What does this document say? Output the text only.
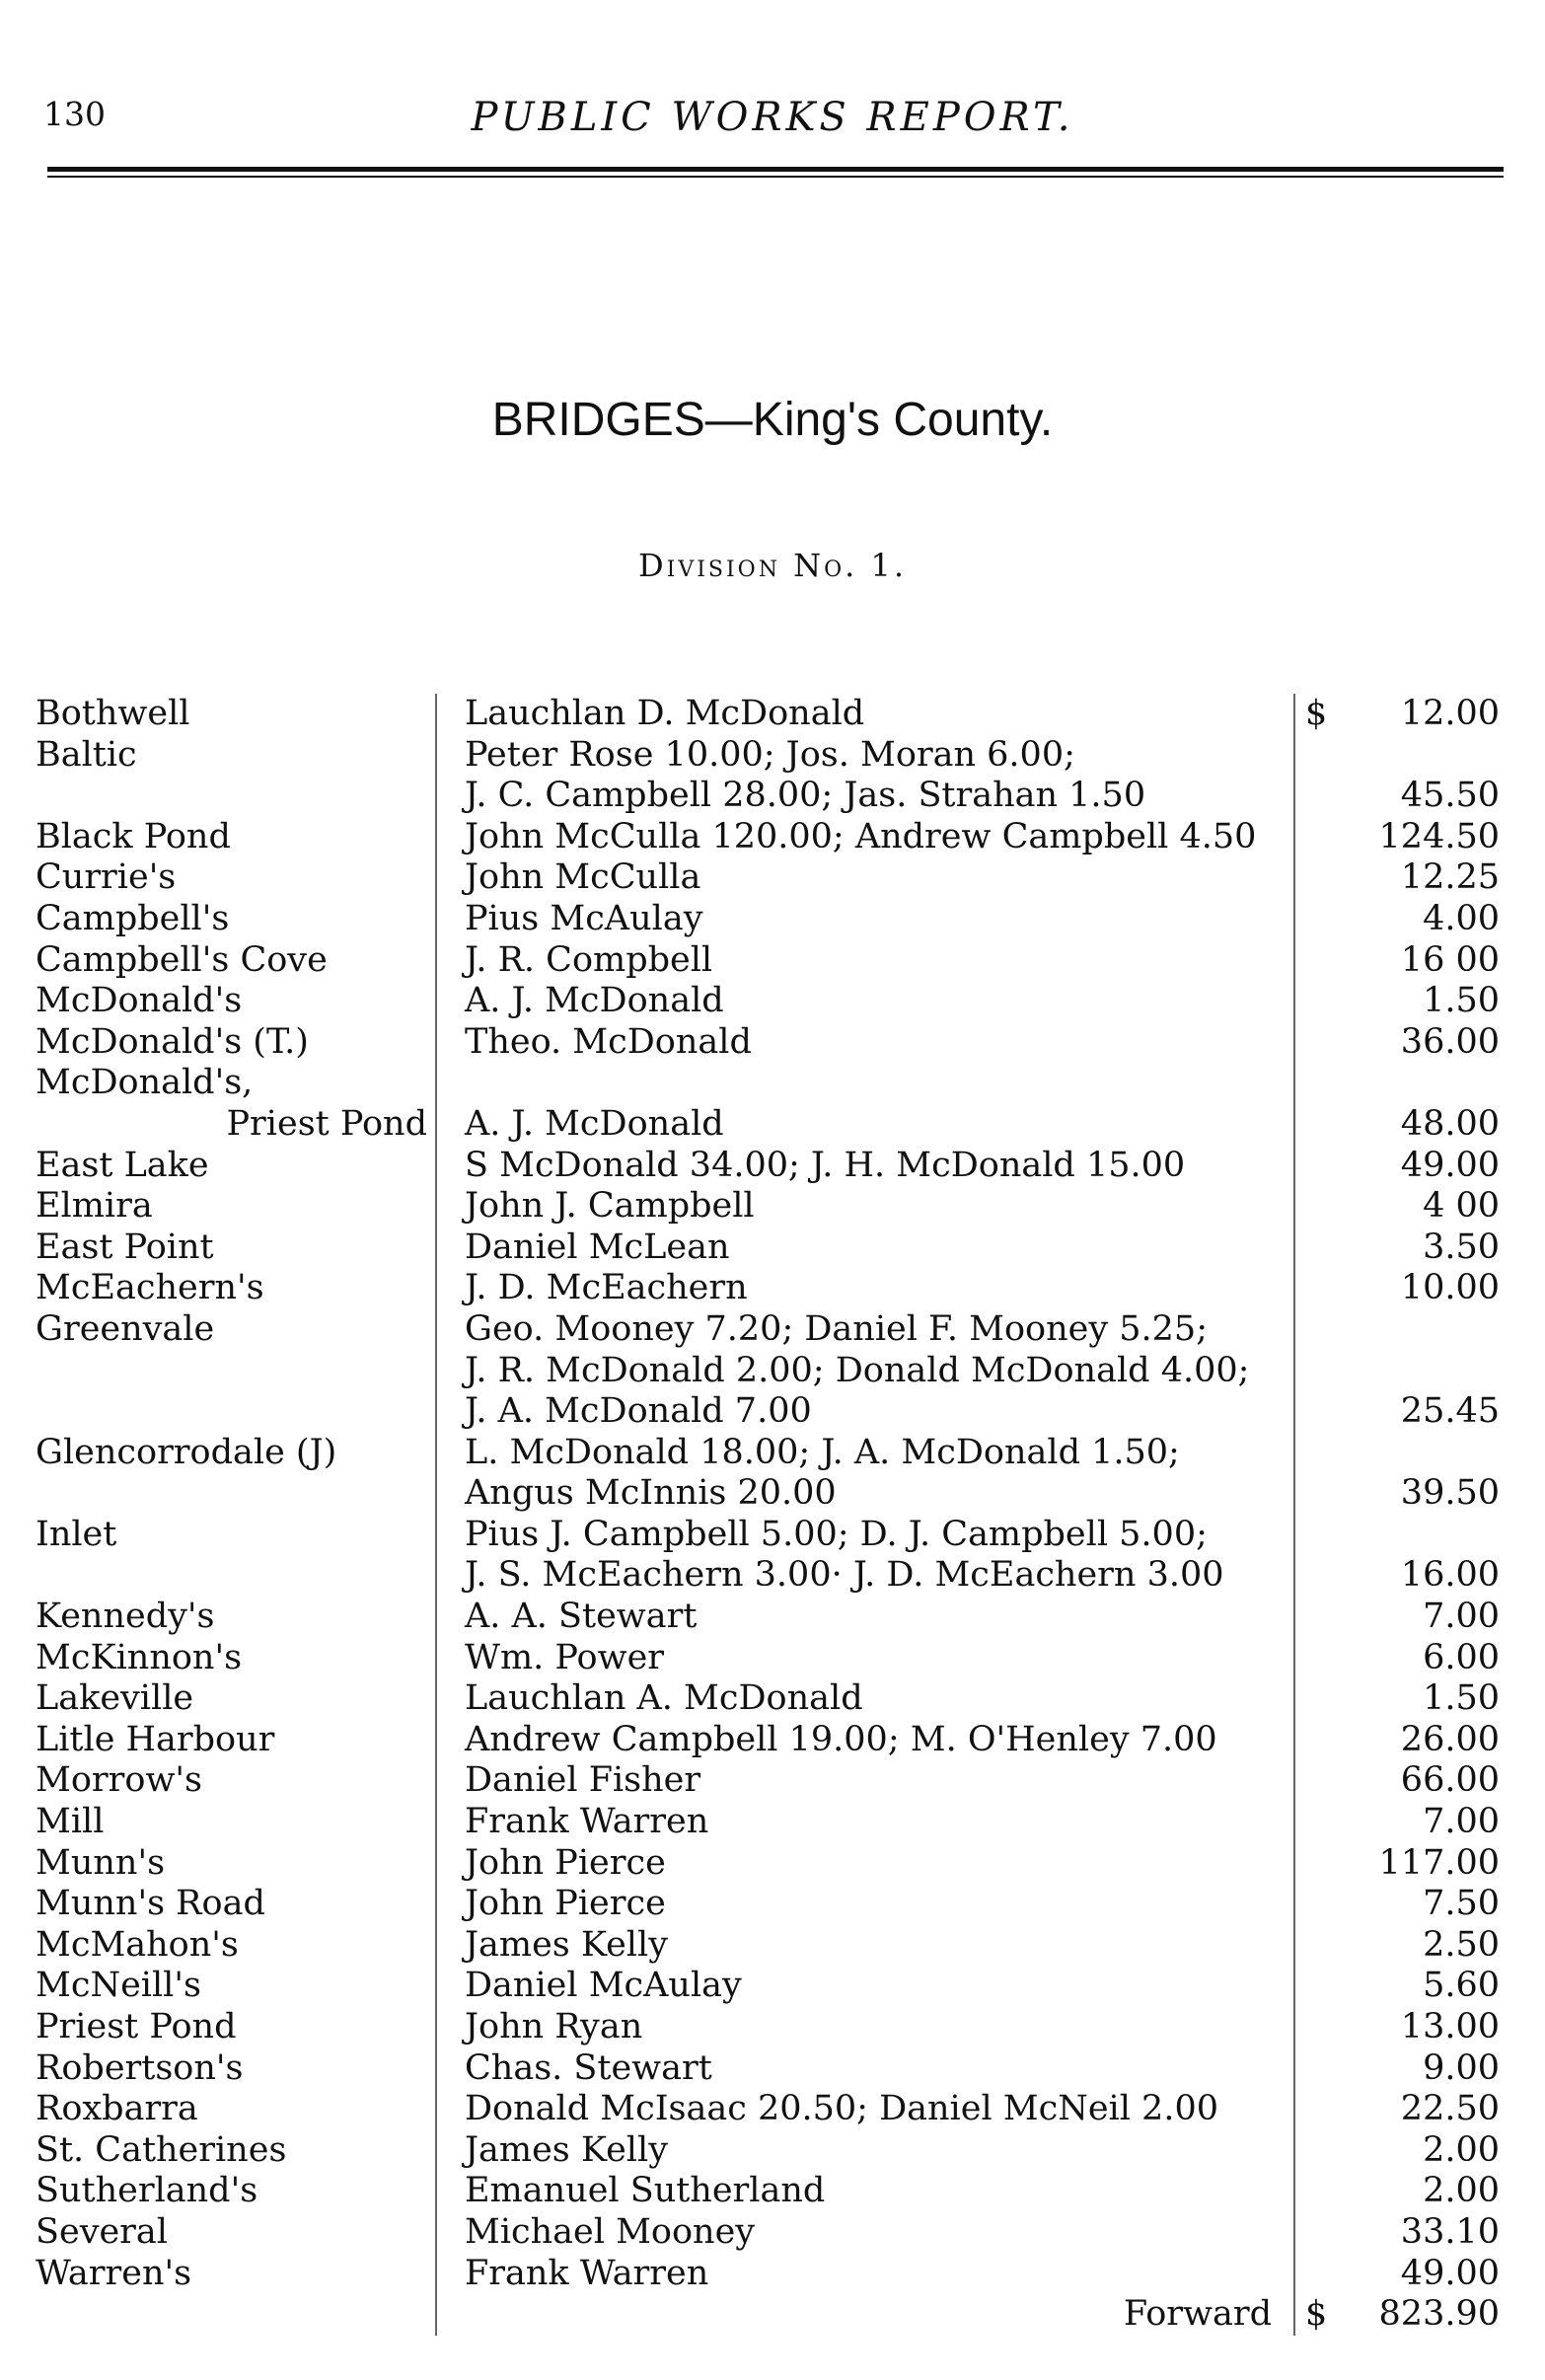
130	PUBLIC WORKS REPORT.
BRIDGES—King's County.
Division No. 1.
Bothwell	Lauchlan D. McDonald	$ 12.00
Baltic	Peter Rose 10.00; Jos. Moran 6.00;
J. C. Campbell 28.00; Jas. Strahan 1.50	45.50
Black Pond	John McCulla 120.00; Andrew Campbell 4.50	124.50
Currie's	John McCulla	12.25
Campbell's	Pius McAulay	4.00
Campbell's Cove	J. R. Compbell	16 00
McDonald's	A. J. McDonald	1.50
McDonald's (T.)	Theo. McDonald	36.00
McDonald's,
Priest Pond	A. J. McDonald	48.00
East Lake	S McDonald 34.00; J. H. McDonald 15.00	49.00
Elmira	John J. Campbell	4 00
East Point	Daniel McLean	3.50
McEachern's	J. D. McEachern	10.00
Greenvale	Geo. Mooney 7.20; Daniel F. Mooney 5.25;
J. R. McDonald 2.00; Donald McDonald 4.00;
J. A. McDonald 7.00	25.45
Glencorrodale (J)	L. McDonald 18.00; J. A. McDonald 1.50;
Angus McInnis 20.00	39.50
Inlet	Pius J. Campbell 5.00; D. J. Campbell 5.00;
J. S. McEachern 3.00· J. D. McEachern 3.00	16.00
Kennedy's	A. A. Stewart	7.00
McKinnon's	Wm. Power	6.00
Lakeville	Lauchlan A. McDonald	1.50
Litle Harbour	Andrew Campbell 19.00; M. O'Henley 7.00	26.00
Morrow's	Daniel Fisher	66.00
Mill	Frank Warren	7.00
Munn's	John Pierce	117.00
Munn's Road	John Pierce	7.50
McMahon's	James Kelly	2.50
McNeill's	Daniel McAulay	5.60
Priest Pond	John Ryan	13.00
Robertson's	Chas. Stewart	9.00
Roxbarra	Donald McIsaac 20.50; Daniel McNeil 2.00	22.50
St. Catherines	James Kelly	2.00
Sutherland's	Emanuel Sutherland	2.00
Several	Michael Mooney	33.10
Warren's	Frank Warren	49.00
Forward $ 823.90
